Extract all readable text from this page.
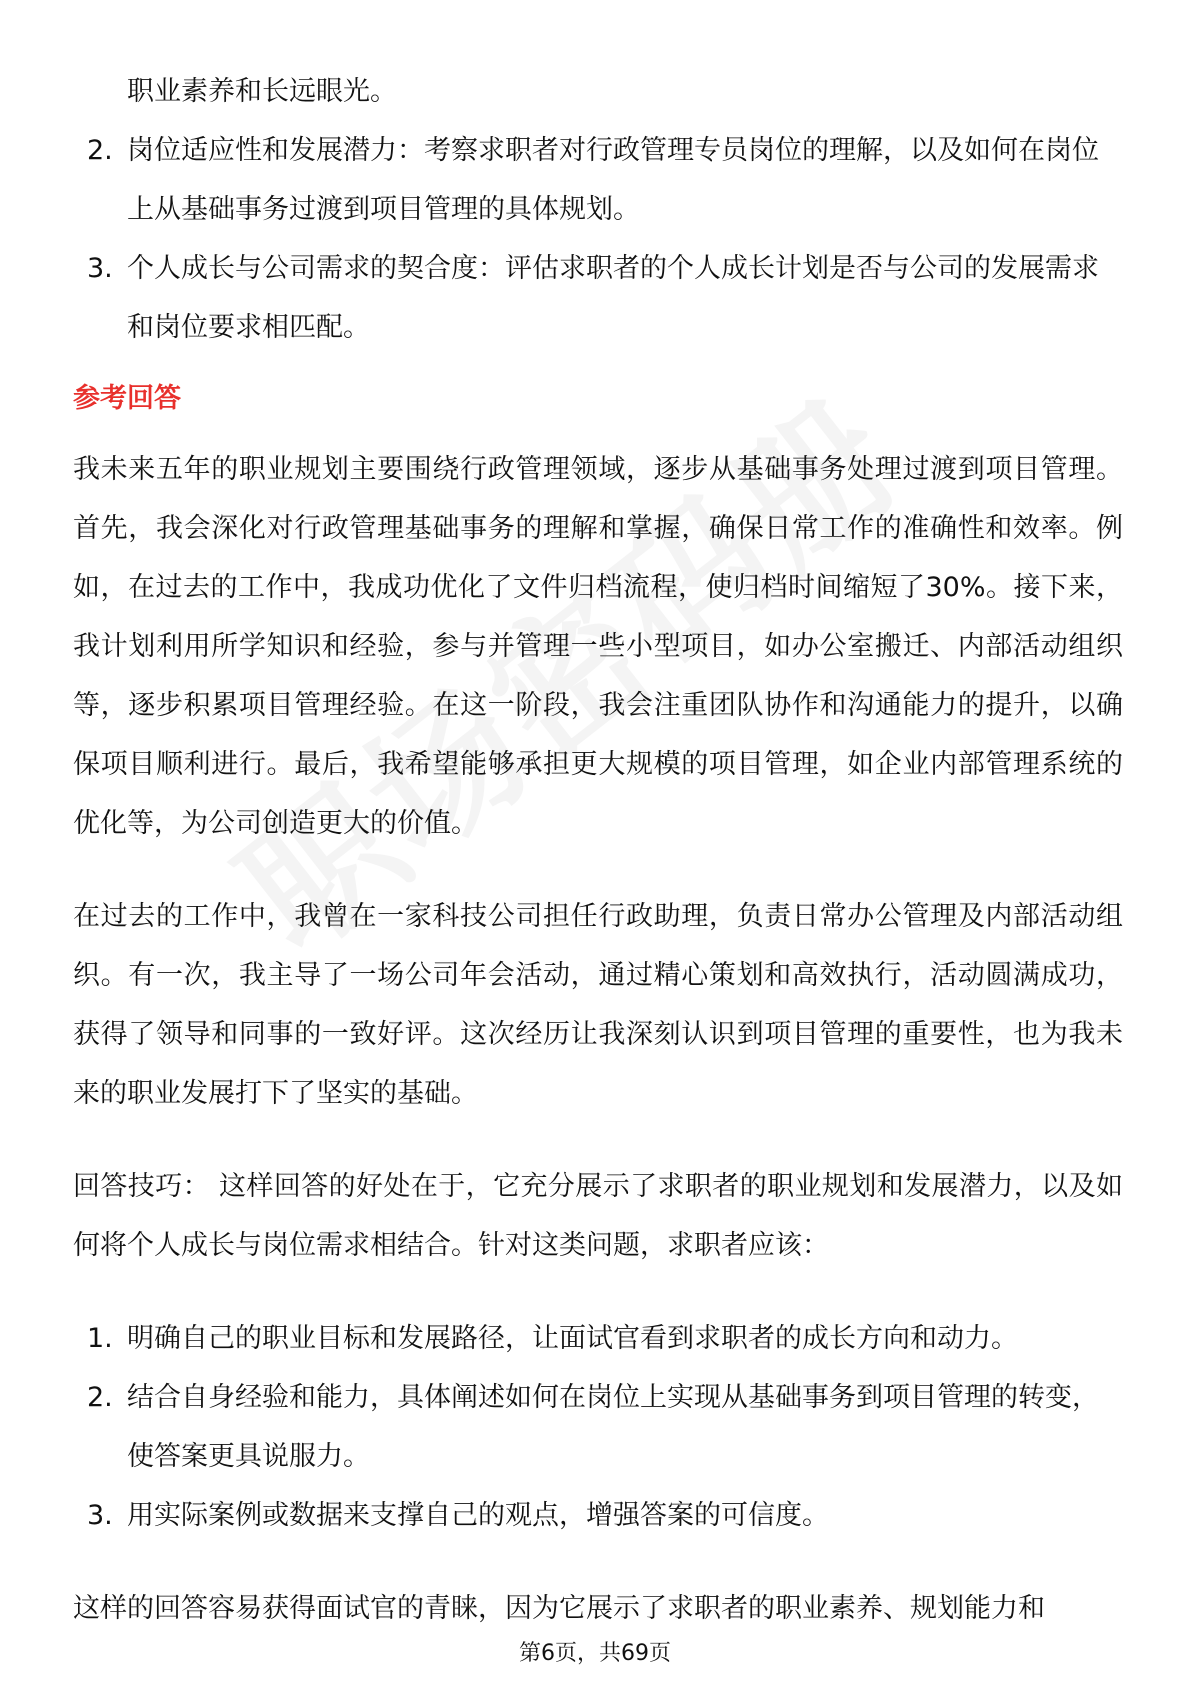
职业素养和长远眼光。
2. 岗位适应性和发展潜力：考察求职者对行政管理专员岗位的理解，以及如何在岗位上从基础事务过渡到项目管理的具体规划。
3. 个人成长与公司需求的契合度：评估求职者的个人成长计划是否与公司的发展需求和岗位要求相匹配。
参考回答

我未来五年的职业规划主要围绕行政管理领域，逐步从基础事务处理过渡到项目管理。首先，我会深化对行政管理基础事务的理解和掌握，确保日常工作的准确性和效率。例如，在过去的工作中，我成功优化了文件归档流程，使归档时间缩短了30%。接下来，我计划利用所学知识和经验，参与并管理一些小型项目，如办公室搬迁、内部活动组织等，逐步积累项目管理经验。在这一阶段，我会注重团队协作和沟通能力的提升，以确保项目顺利进行。最后，我希望能够承担更大规模的项目管理，如企业内部管理系统的优化等，为公司创造更大的价值。

在过去的工作中，我曾在一家科技公司担任行政助理，负责日常办公管理及内部活动组织。有一次，我主导了一场公司年会活动，通过精心策划和高效执行，活动圆满成功，获得了领导和同事的一致好评。这次经历让我深刻认识到项目管理的重要性，也为我未来的职业发展打下了坚实的基础。

回答技巧： 这样回答的好处在于，它充分展示了求职者的职业规划和发展潜力，以及如何将个人成长与岗位需求相结合。针对这类问题，求职者应该：

1. 明确自己的职业目标和发展路径，让面试官看到求职者的成长方向和动力。
2. 结合自身经验和能力，具体阐述如何在岗位上实现从基础事务到项目管理的转变，使答案更具说服力。
3. 用实际案例或数据来支撑自己的观点，增强答案的可信度。

这样的回答容易获得面试官的青睐，因为它展示了求职者的职业素养、规划能力和

第6页，共69页
